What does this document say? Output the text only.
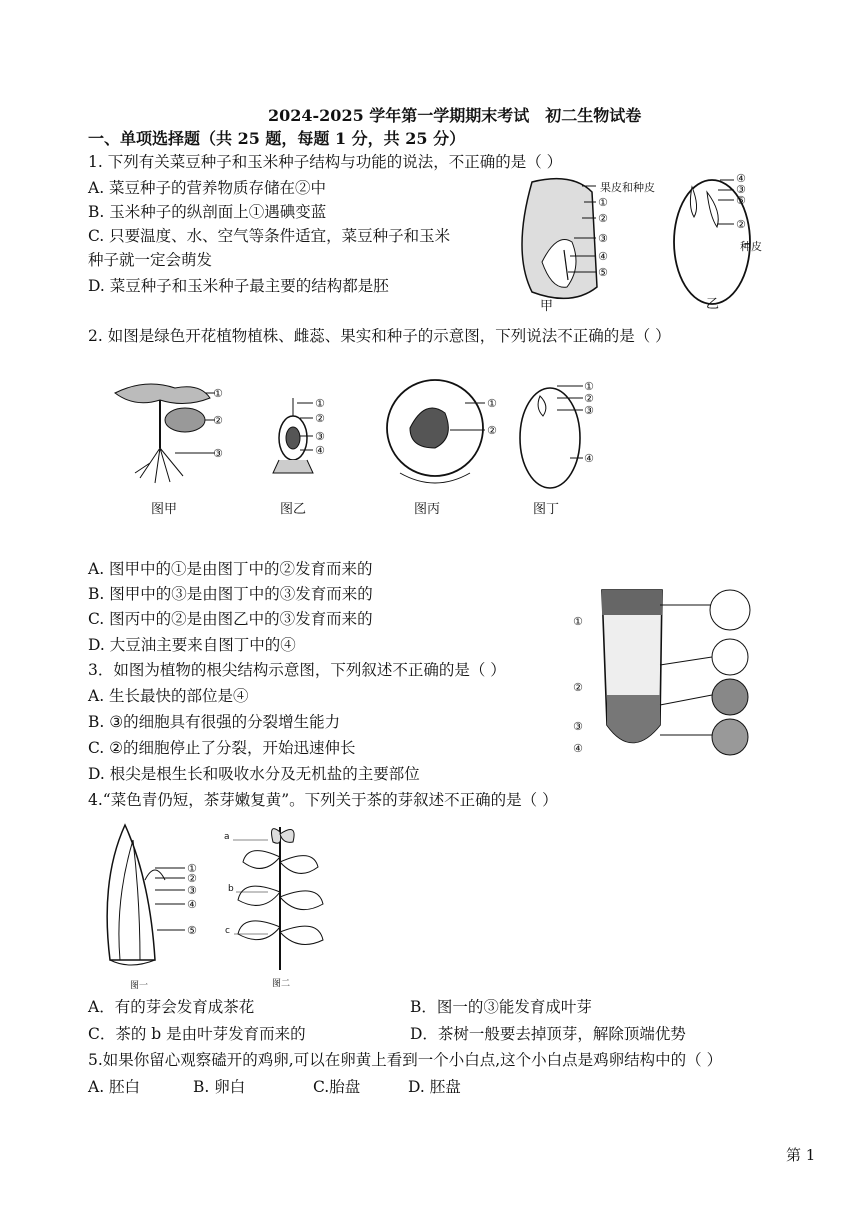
2024-2025 学年第一学期期末考试　初二生物试卷
一、单项选择题（共 25 题，每题 1 分，共 25 分）
1. 下列有关菜豆种子和玉米种子结构与功能的说法，不正确的是（ ）
A. 菜豆种子的营养物质存储在②中
B. 玉米种子的纵剖面上①遇碘变蓝
C. 只要温度、水、空气等条件适宜，菜豆种子和玉米
种子就一定会萌发
D. 菜豆种子和玉米种子最主要的结构都是胚
果皮和种皮
①
②
③
④
⑤
④
③
⑤
②
种皮
甲	乙
2. 如图是绿色开花植物植株、雌蕊、果实和种子的示意图，下列说法不正确的是（ ）
①
②
③
①
②
③
④
①
②
①
②
③
④
图甲	图乙	图丙	图丁
A. 图甲中的①是由图丁中的②发育而来的
B. 图甲中的③是由图丁中的③发育而来的
C. 图丙中的②是由图乙中的③发育而来的
D. 大豆油主要来自图丁中的④
3．如图为植物的根尖结构示意图，下列叙述不正确的是（ ）
A. 生长最快的部位是④
B. ③的细胞具有很强的分裂增生能力
C. ②的细胞停止了分裂，开始迅速伸长
D. 根尖是根生长和吸收水分及无机盐的主要部位
①
②
③
④
4.“菜色青仍短，茶芽嫩复黄”。下列关于茶的芽叙述不正确的是（ ）
①
②
③
④
⑤
图一
a
b
c
图二
A．有的芽会发育成茶花	B．图一的③能发育成叶芽
C．茶的 b 是由叶芽发育而来的	D．茶树一般要去掉顶芽，解除顶端优势
5.如果你留心观察磕开的鸡卵,可以在卵黄上看到一个小白点,这个小白点是鸡卵结构中的（ ）
A. 胚白	B. 卵白	C.胎盘	D. 胚盘
第 1
